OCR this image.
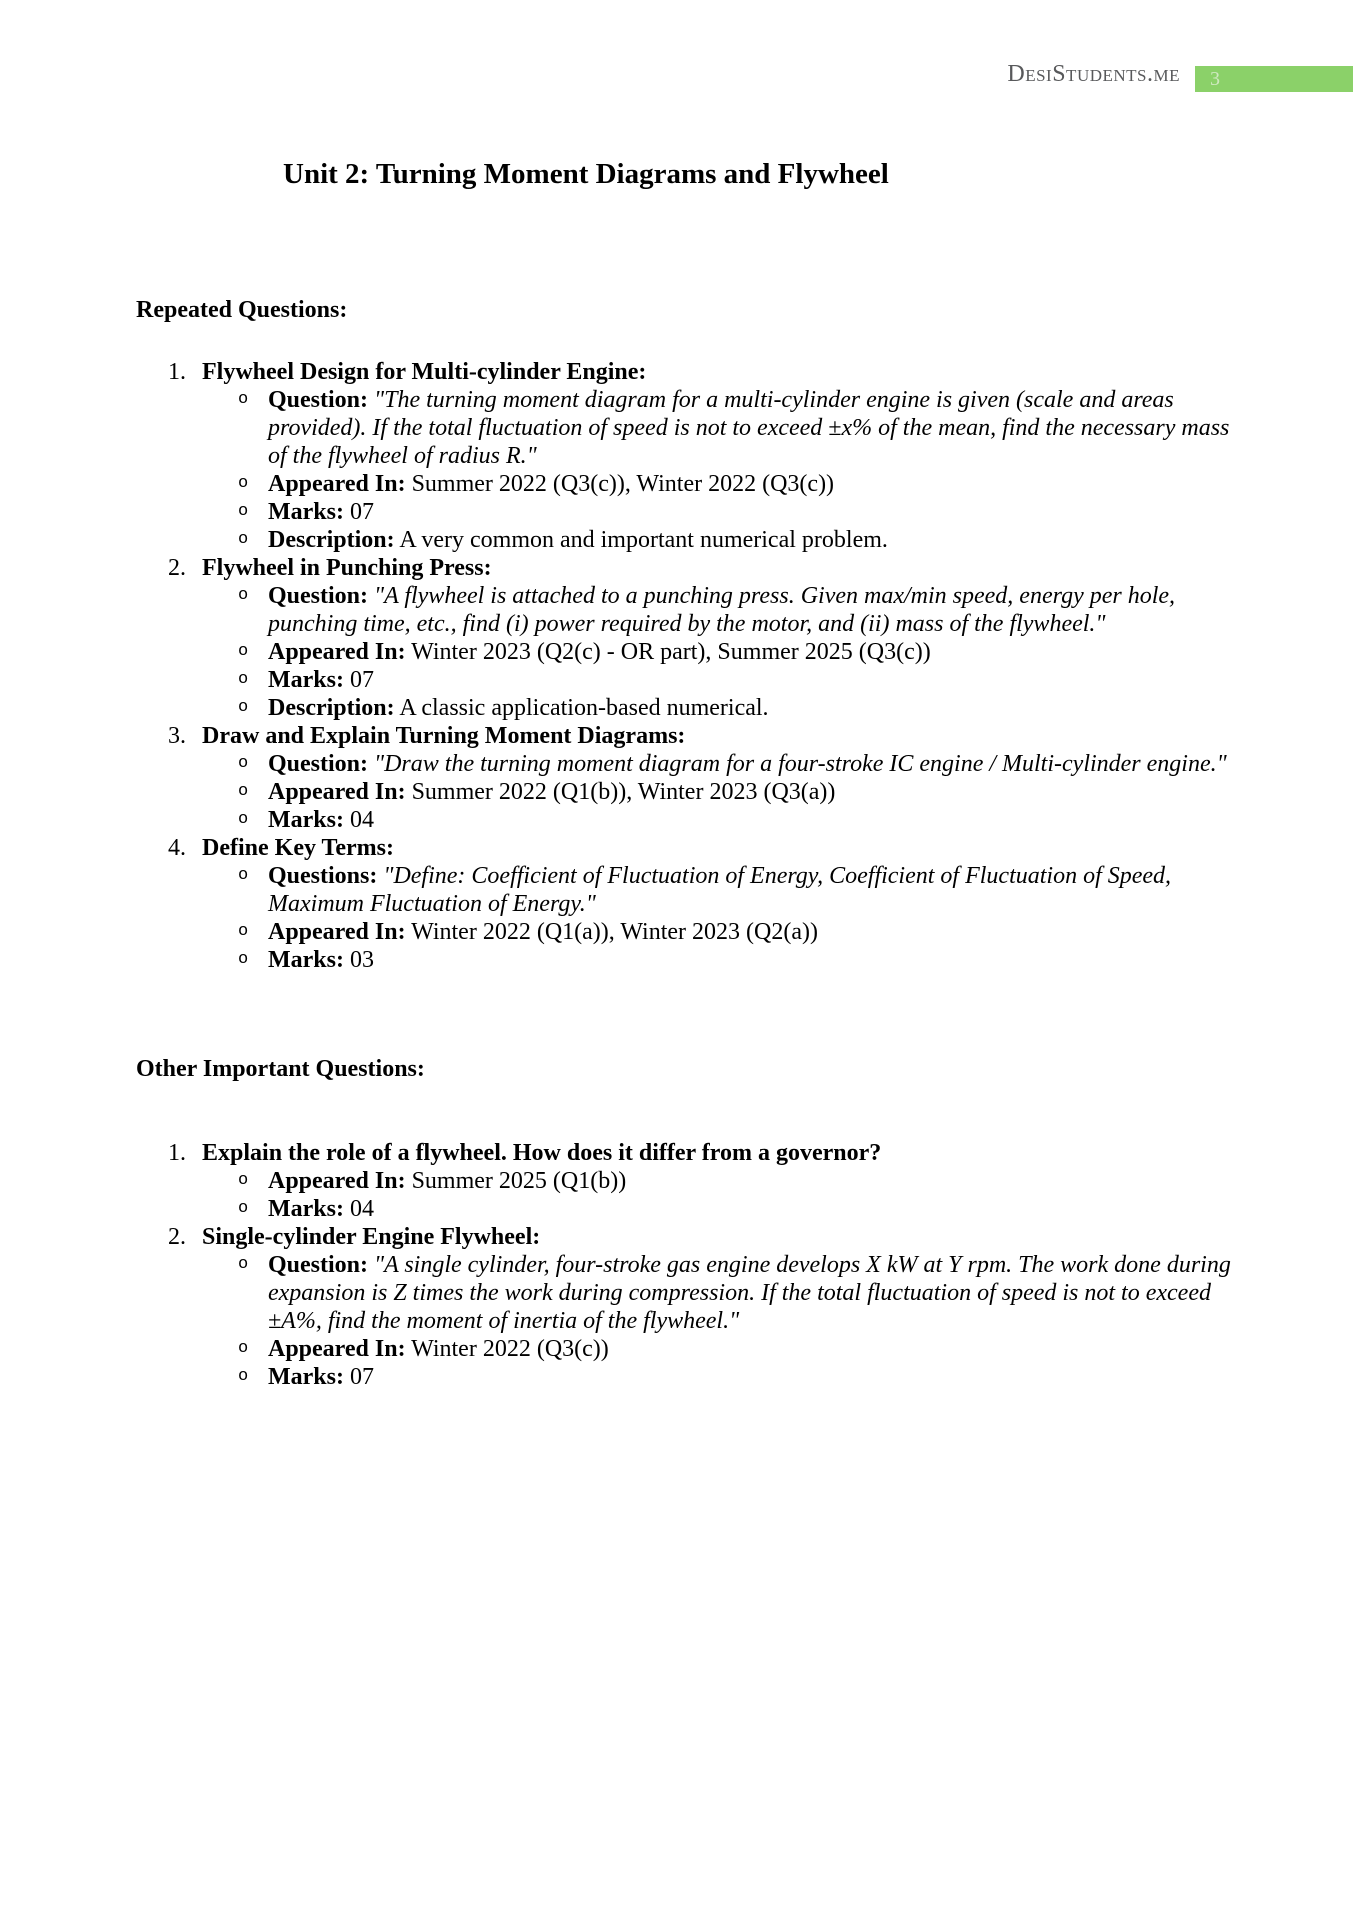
DesiStudents.me 3
Unit 2: Turning Moment Diagrams and Flywheel
Repeated Questions:
1. Flywheel Design for Multi-cylinder Engine:
o Question: "The turning moment diagram for a multi-cylinder engine is given (scale and areas provided). If the total fluctuation of speed is not to exceed ±x% of the mean, find the necessary mass of the flywheel of radius R."
o Appeared In: Summer 2022 (Q3(c)), Winter 2022 (Q3(c))
o Marks: 07
o Description: A very common and important numerical problem.
2. Flywheel in Punching Press:
o Question: "A flywheel is attached to a punching press. Given max/min speed, energy per hole, punching time, etc., find (i) power required by the motor, and (ii) mass of the flywheel."
o Appeared In: Winter 2023 (Q2(c) - OR part), Summer 2025 (Q3(c))
o Marks: 07
o Description: A classic application-based numerical.
3. Draw and Explain Turning Moment Diagrams:
o Question: "Draw the turning moment diagram for a four-stroke IC engine / Multi-cylinder engine."
o Appeared In: Summer 2022 (Q1(b)), Winter 2023 (Q3(a))
o Marks: 04
4. Define Key Terms:
o Questions: "Define: Coefficient of Fluctuation of Energy, Coefficient of Fluctuation of Speed, Maximum Fluctuation of Energy."
o Appeared In: Winter 2022 (Q1(a)), Winter 2023 (Q2(a))
o Marks: 03
Other Important Questions:
1. Explain the role of a flywheel. How does it differ from a governor?
o Appeared In: Summer 2025 (Q1(b))
o Marks: 04
2. Single-cylinder Engine Flywheel:
o Question: "A single cylinder, four-stroke gas engine develops X kW at Y rpm. The work done during expansion is Z times the work during compression. If the total fluctuation of speed is not to exceed ±A%, find the moment of inertia of the flywheel."
o Appeared In: Winter 2022 (Q3(c))
o Marks: 07
